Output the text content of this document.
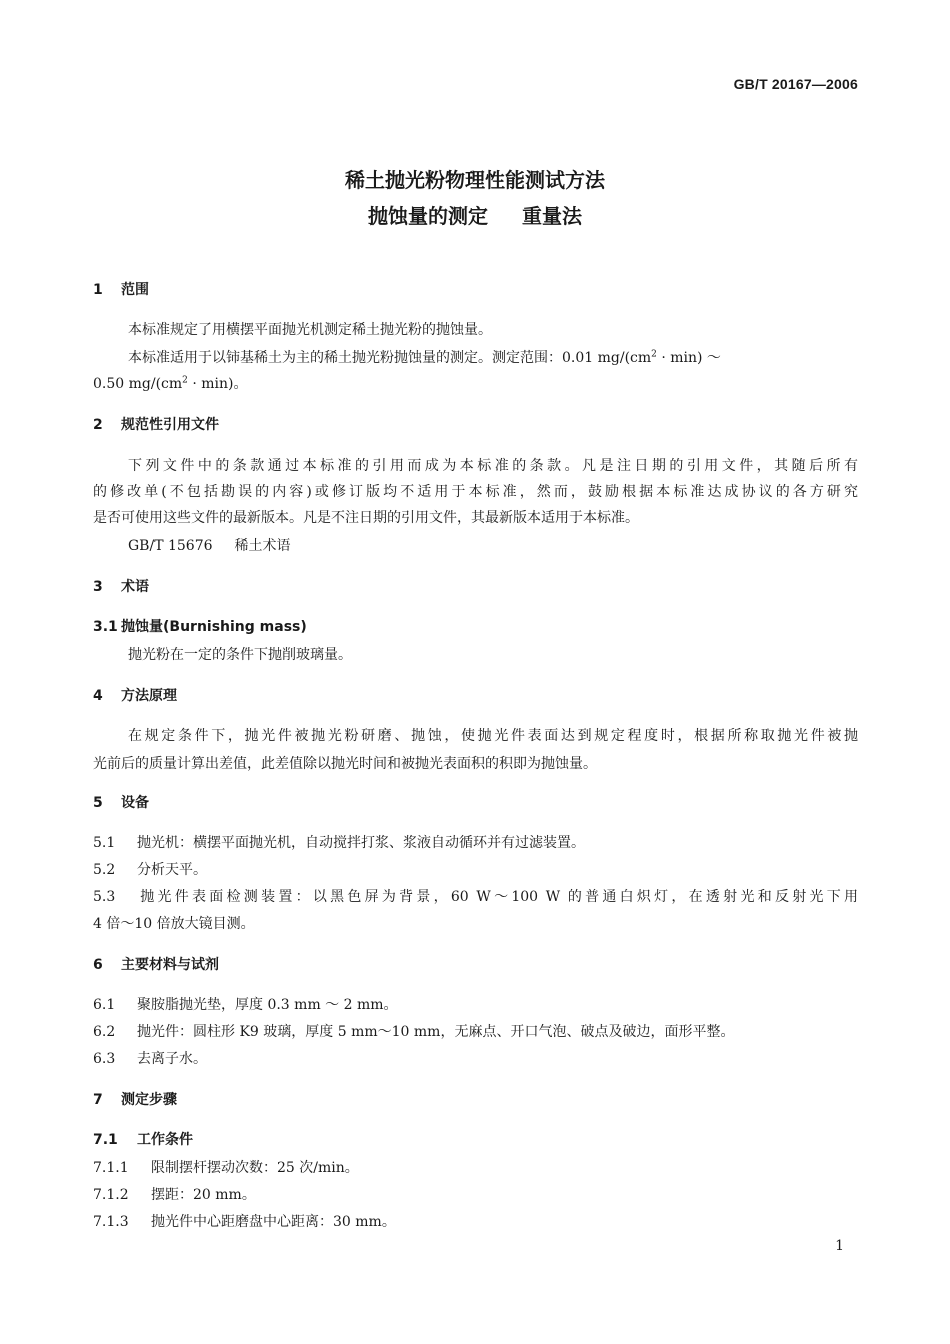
GB/T 20167—2006
稀土抛光粉物理性能测试方法
抛蚀量的测定 重量法
1 范围
本标准规定了用横摆平面抛光机测定稀土抛光粉的抛蚀量。
本标准适用于以铈基稀土为主的稀土抛光粉抛蚀量的测定。测定范围：0.01 $mg/(cm^2 \cdot \min)$ ～
0.50 $mg/(cm^2 \cdot \min)$。
2 规范性引用文件
下列文件中的条款通过本标准的引用而成为本标准的条款。凡是注日期的引用文件，其随后所有
的修改单(不包括勘误的内容)或修订版均不适用于本标准，然而，鼓励根据本标准达成协议的各方研究
是否可使用这些文件的最新版本。凡是不注日期的引用文件，其最新版本适用于本标准。
GB/T 15676 稀土术语
3 术语
3.1 抛蚀量(Burnishing mass)
抛光粉在一定的条件下抛削玻璃量。
4 方法原理
在规定条件下，抛光件被抛光粉研磨、抛蚀，使抛光件表面达到规定程度时，根据所称取抛光件被抛
光前后的质量计算出差值，此差值除以抛光时间和被抛光表面积的积即为抛蚀量。
5 设备
5.1 抛光机：横摆平面抛光机，自动搅拌打浆、浆液自动循环并有过滤装置。
5.2 分析天平。
5.3 抛光件表面检测装置：以黑色屏为背景，60 W～100 W 的普通白炽灯，在透射光和反射光下用
4 倍～10 倍放大镜目测。
6 主要材料与试剂
6.1 聚胺脂抛光垫，厚度 0.3 mm ～ 2 mm。
6.2 抛光件：圆柱形 K9 玻璃，厚度 5 mm～10 mm，无麻点、开口气泡、破点及破边，面形平整。
6.3 去离子水。
7 测定步骤
7.1 工作条件
7.1.1 限制摆杆摆动次数：25 次/min。
7.1.2 摆距：20 mm。
7.1.3 抛光件中心距磨盘中心距离：30 mm。
1
